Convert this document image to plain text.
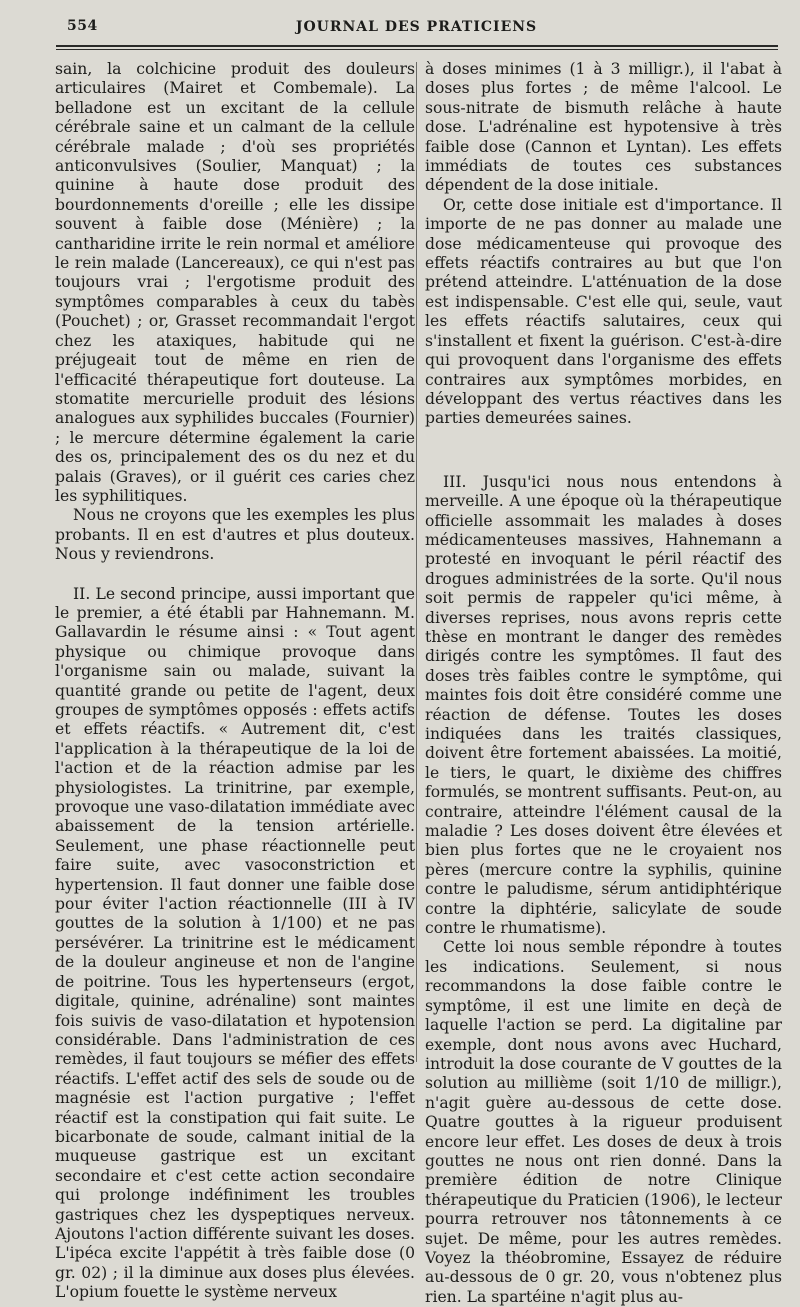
554	JOURNAL DES PRATICIENS

sain, la colchicine produit des douleurs articulaires (Mairet et Combemale). La belladone est un excitant de la cellule cérébrale saine et un calmant de la cellule cérébrale malade ; d'où ses propriétés anticonvulsives (Soulier, Manquat) ; la quinine à haute dose produit des bourdonnements d'oreille ; elle les dissipe souvent à faible dose (Ménière) ; la cantharidine irrite le rein normal et améliore le rein malade (Lancereaux), ce qui n'est pas toujours vrai ; l'ergotisme produit des symptômes comparables à ceux du tabès (Pouchet) ; or, Grasset recommandait l'ergot chez les ataxiques, habitude qui ne préjugeait tout de même en rien de l'efficacité thérapeutique fort douteuse. La stomatite mercurielle produit des lésions analogues aux syphilides buccales (Fournier) ; le mercure détermine également la carie des os, principalement des os du nez et du palais (Graves), or il guérit ces caries chez les syphilitiques.

Nous ne croyons que les exemples les plus probants. Il en est d'autres et plus douteux. Nous y reviendrons.

II. Le second principe, aussi important que le premier, a été établi par Hahnemann. M. Gallavardin le résume ainsi : « Tout agent physique ou chimique provoque dans l'organisme sain ou malade, suivant la quantité grande ou petite de l'agent, deux groupes de symptômes opposés : effets actifs et effets réactifs. « Autrement dit, c'est l'application à la thérapeutique de la loi de l'action et de la réaction admise par les physiologistes. La trinitrine, par exemple, provoque une vaso-dilatation immédiate avec abaissement de la tension artérielle. Seulement, une phase réactionnelle peut faire suite, avec vasoconstriction et hypertension. Il faut donner une faible dose pour éviter l'action réactionnelle (III à IV gouttes de la solution à 1/100) et ne pas persévérer. La trinitrine est le médicament de la douleur angineuse et non de l'angine de poitrine. Tous les hypertenseurs (ergot, digitale, quinine, adrénaline) sont maintes fois suivis de vaso-dilatation et hypotension considérable. Dans l'administration de ces remèdes, il faut toujours se méfier des effets réactifs. L'effet actif des sels de soude ou de magnésie est l'action purgative ; l'effet réactif est la constipation qui fait suite. Le bicarbonate de soude, calmant initial de la muqueuse gastrique est un excitant secondaire et c'est cette action secondaire qui prolonge indéfiniment les troubles gastriques chez les dyspeptiques nerveux. Ajoutons l'action différente suivant les doses. L'ipéca excite l'appétit à très faible dose (0 gr. 02) ; il la diminue aux doses plus élevées. L'opium fouette le système nerveux

à doses minimes (1 à 3 milligr.), il l'abat à doses plus fortes ; de même l'alcool. Le sous-nitrate de bismuth relâche à haute dose. L'adrénaline est hypotensive à très faible dose (Cannon et Lyntan). Les effets immédiats de toutes ces substances dépendent de la dose initiale.

Or, cette dose initiale est d'importance. Il importe de ne pas donner au malade une dose médicamenteuse qui provoque des effets réactifs contraires au but que l'on prétend atteindre. L'atténuation de la dose est indispensable. C'est elle qui, seule, vaut les effets réactifs salutaires, ceux qui s'installent et fixent la guérison. C'est-à-dire qui provoquent dans l'organisme des effets contraires aux symptômes morbides, en développant des vertus réactives dans les parties demeurées saines.

III. Jusqu'ici nous nous entendons à merveille. A une époque où la thérapeutique officielle assommait les malades à doses médicamenteuses massives, Hahnemann a protesté en invoquant le péril réactif des drogues administrées de la sorte. Qu'il nous soit permis de rappeler qu'ici même, à diverses reprises, nous avons repris cette thèse en montrant le danger des remèdes dirigés contre les symptômes. Il faut des doses très faibles contre le symptôme, qui maintes fois doit être considéré comme une réaction de défense. Toutes les doses indiquées dans les traités classiques, doivent être fortement abaissées. La moitié, le tiers, le quart, le dixième des chiffres formulés, se montrent suffisants. Peut-on, au contraire, atteindre l'élément causal de la maladie ? Les doses doivent être élevées et bien plus fortes que ne le croyaient nos pères (mercure contre la syphilis, quinine contre le paludisme, sérum antidiphtérique contre la diphtérie, salicylate de soude contre le rhumatisme).

Cette loi nous semble répondre à toutes les indications. Seulement, si nous recommandons la dose faible contre le symptôme, il est une limite en deçà de laquelle l'action se perd. La digitaline par exemple, dont nous avons avec Huchard, introduit la dose courante de V gouttes de la solution au millième (soit 1/10 de milligr.), n'agit guère au-dessous de cette dose. Quatre gouttes à la rigueur produisent encore leur effet. Les doses de deux à trois gouttes ne nous ont rien donné. Dans la première édition de notre Clinique thérapeutique du Praticien (1906), le lecteur pourra retrouver nos tâtonnements à ce sujet. De même, pour les autres remèdes. Voyez la théobromine, Essayez de réduire au-dessous de 0 gr. 20, vous n'obtenez plus rien. La spartéine n'agit plus au-
